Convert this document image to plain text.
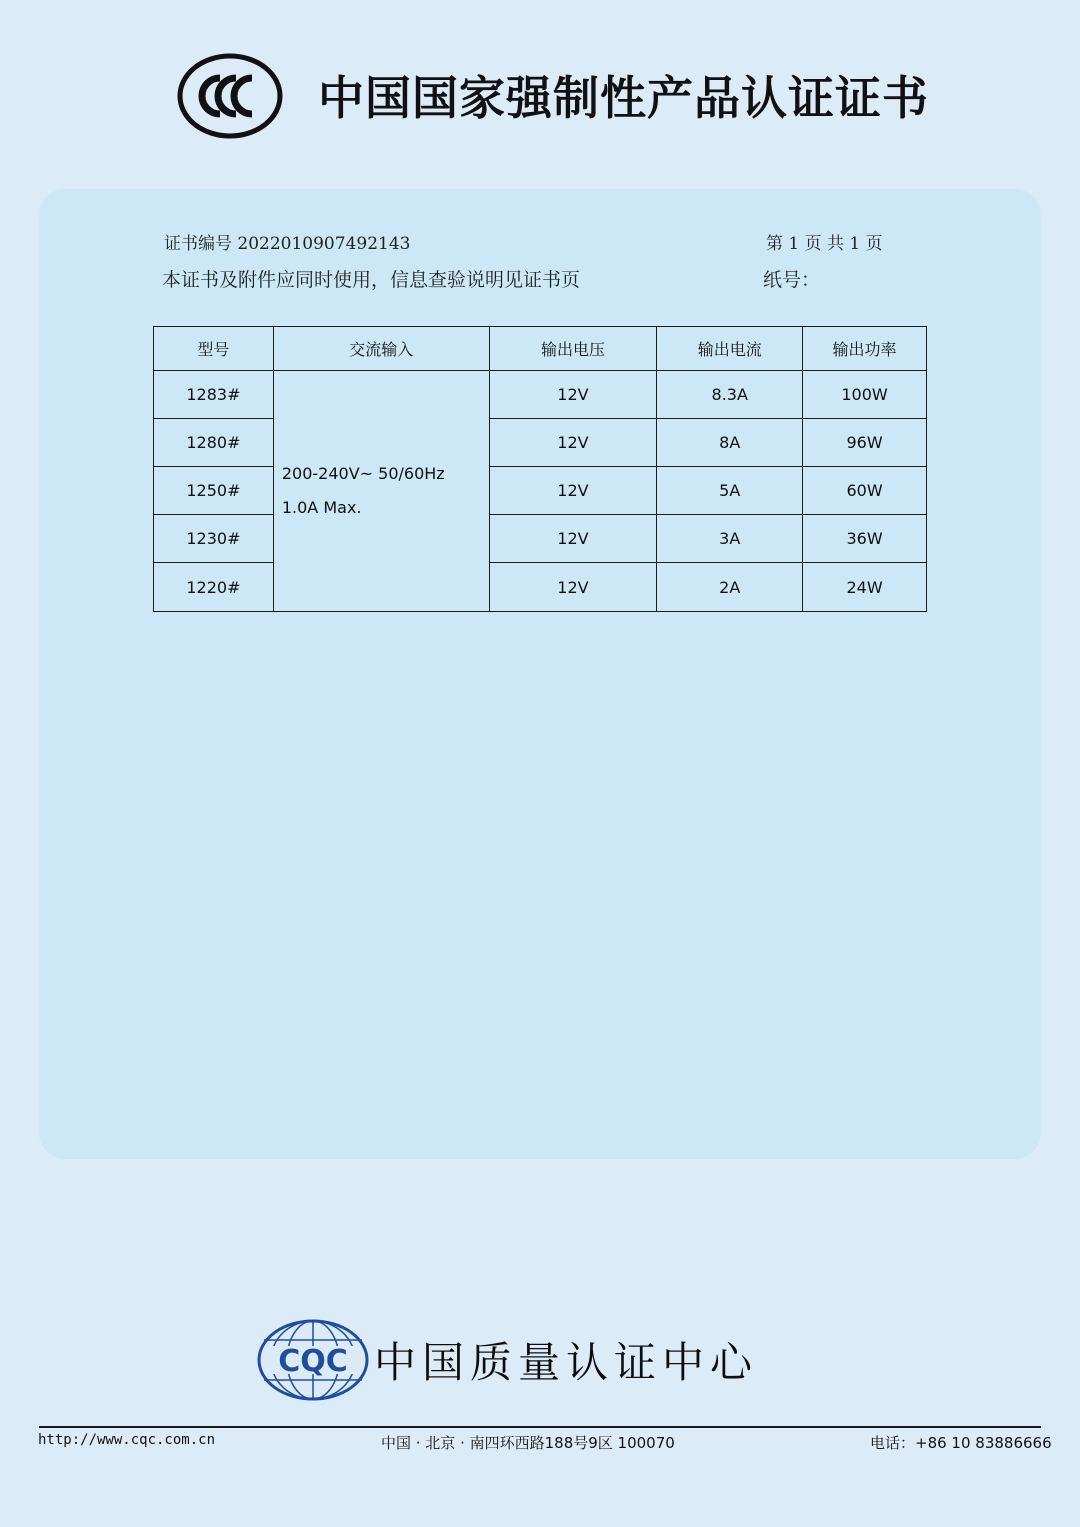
CCC 中国国家强制性产品认证证书
证书编号 2022010907492143	第 1 页 共 1 页
本证书及附件应同时使用，信息查验说明见证书页	纸号：
型号	交流输入	输出电压	输出电流	输出功率
1283#	200-240V~ 50/60Hz 1.0A Max.	12V	8.3A	100W
1280#		12V	8A	96W
1250#		12V	5A	60W
1230#		12V	3A	36W
1220#		12V	2A	24W
CQC 中国质量认证中心
http://www.cqc.com.cn	中国 · 北京 · 南四环西路188号9区 100070	电话：+86 10 83886666
